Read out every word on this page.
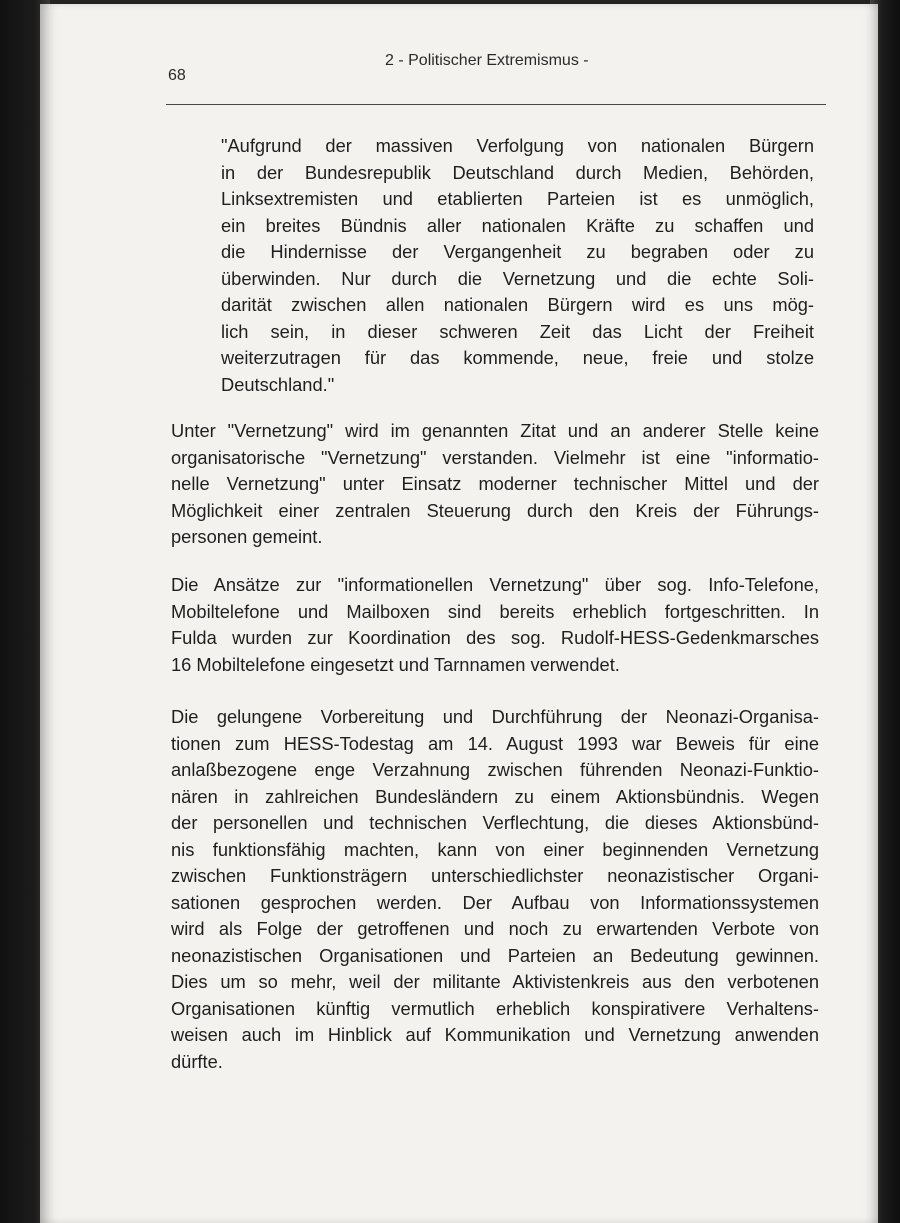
68
2 - Politischer Extremismus -
"Aufgrund der massiven Verfolgung von nationalen Bürgern
in der Bundesrepublik Deutschland durch Medien, Behörden,
Linksextremisten und etablierten Parteien ist es unmöglich,
ein breites Bündnis aller nationalen Kräfte zu schaffen und
die Hindernisse der Vergangenheit zu begraben oder zu
überwinden. Nur durch die Vernetzung und die echte Soli-
darität zwischen allen nationalen Bürgern wird es uns mög-
lich sein, in dieser schweren Zeit das Licht der Freiheit
weiterzutragen für das kommende, neue, freie und stolze
Deutschland."
Unter "Vernetzung" wird im genannten Zitat und an anderer Stelle keine
organisatorische "Vernetzung" verstanden. Vielmehr ist eine "informatio-
nelle Vernetzung" unter Einsatz moderner technischer Mittel und der
Möglichkeit einer zentralen Steuerung durch den Kreis der Führungs-
personen gemeint.
Die Ansätze zur "informationellen Vernetzung" über sog. Info-Telefone,
Mobiltelefone und Mailboxen sind bereits erheblich fortgeschritten. In
Fulda wurden zur Koordination des sog. Rudolf-HESS-Gedenkmarsches
16 Mobiltelefone eingesetzt und Tarnnamen verwendet.
Die gelungene Vorbereitung und Durchführung der Neonazi-Organisa-
tionen zum HESS-Todestag am 14. August 1993 war Beweis für eine
anlaßbezogene enge Verzahnung zwischen führenden Neonazi-Funktio-
nären in zahlreichen Bundesländern zu einem Aktionsbündnis. Wegen
der personellen und technischen Verflechtung, die dieses Aktionsbünd-
nis funktionsfähig machten, kann von einer beginnenden Vernetzung
zwischen Funktionsträgern unterschiedlichster neonazistischer Organi-
sationen gesprochen werden. Der Aufbau von Informationssystemen
wird als Folge der getroffenen und noch zu erwartenden Verbote von
neonazistischen Organisationen und Parteien an Bedeutung gewinnen.
Dies um so mehr, weil der militante Aktivistenkreis aus den verbotenen
Organisationen künftig vermutlich erheblich konspirativere Verhaltens-
weisen auch im Hinblick auf Kommunikation und Vernetzung anwenden
dürfte.
